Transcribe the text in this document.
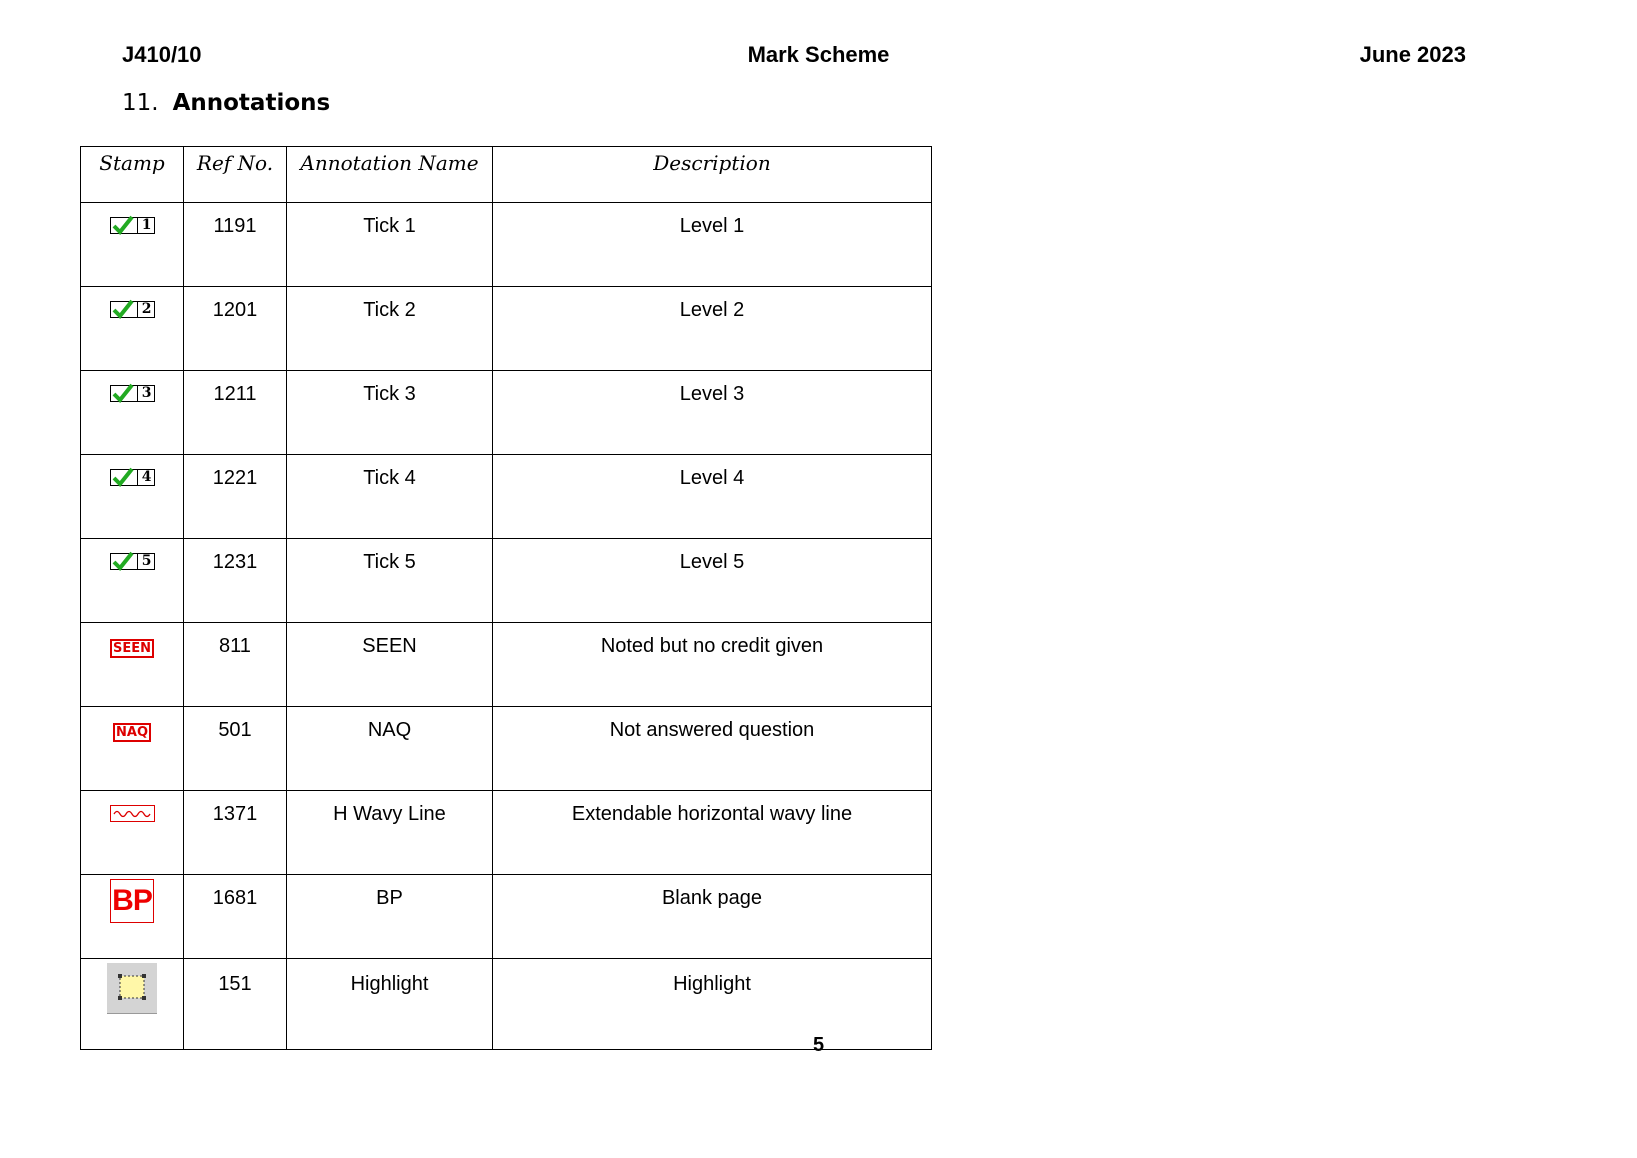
J410/10	Mark Scheme	June 2023
11. Annotations
Stamp	Ref No.	Annotation Name	Description

1	1191	Tick 1	Level 1

2	1201	Tick 2	Level 2

3	1211	Tick 3	Level 3

4	1221	Tick 4	Level 4

5	1231	Tick 5	Level 5
SEEN	811	SEEN	Noted but no credit given
NAQ	501	NAQ	Not answered question

	1371	H Wavy Line	Extendable horizontal wavy line
BP	1681	BP	Blank page

	151	Highlight	Highlight
5
